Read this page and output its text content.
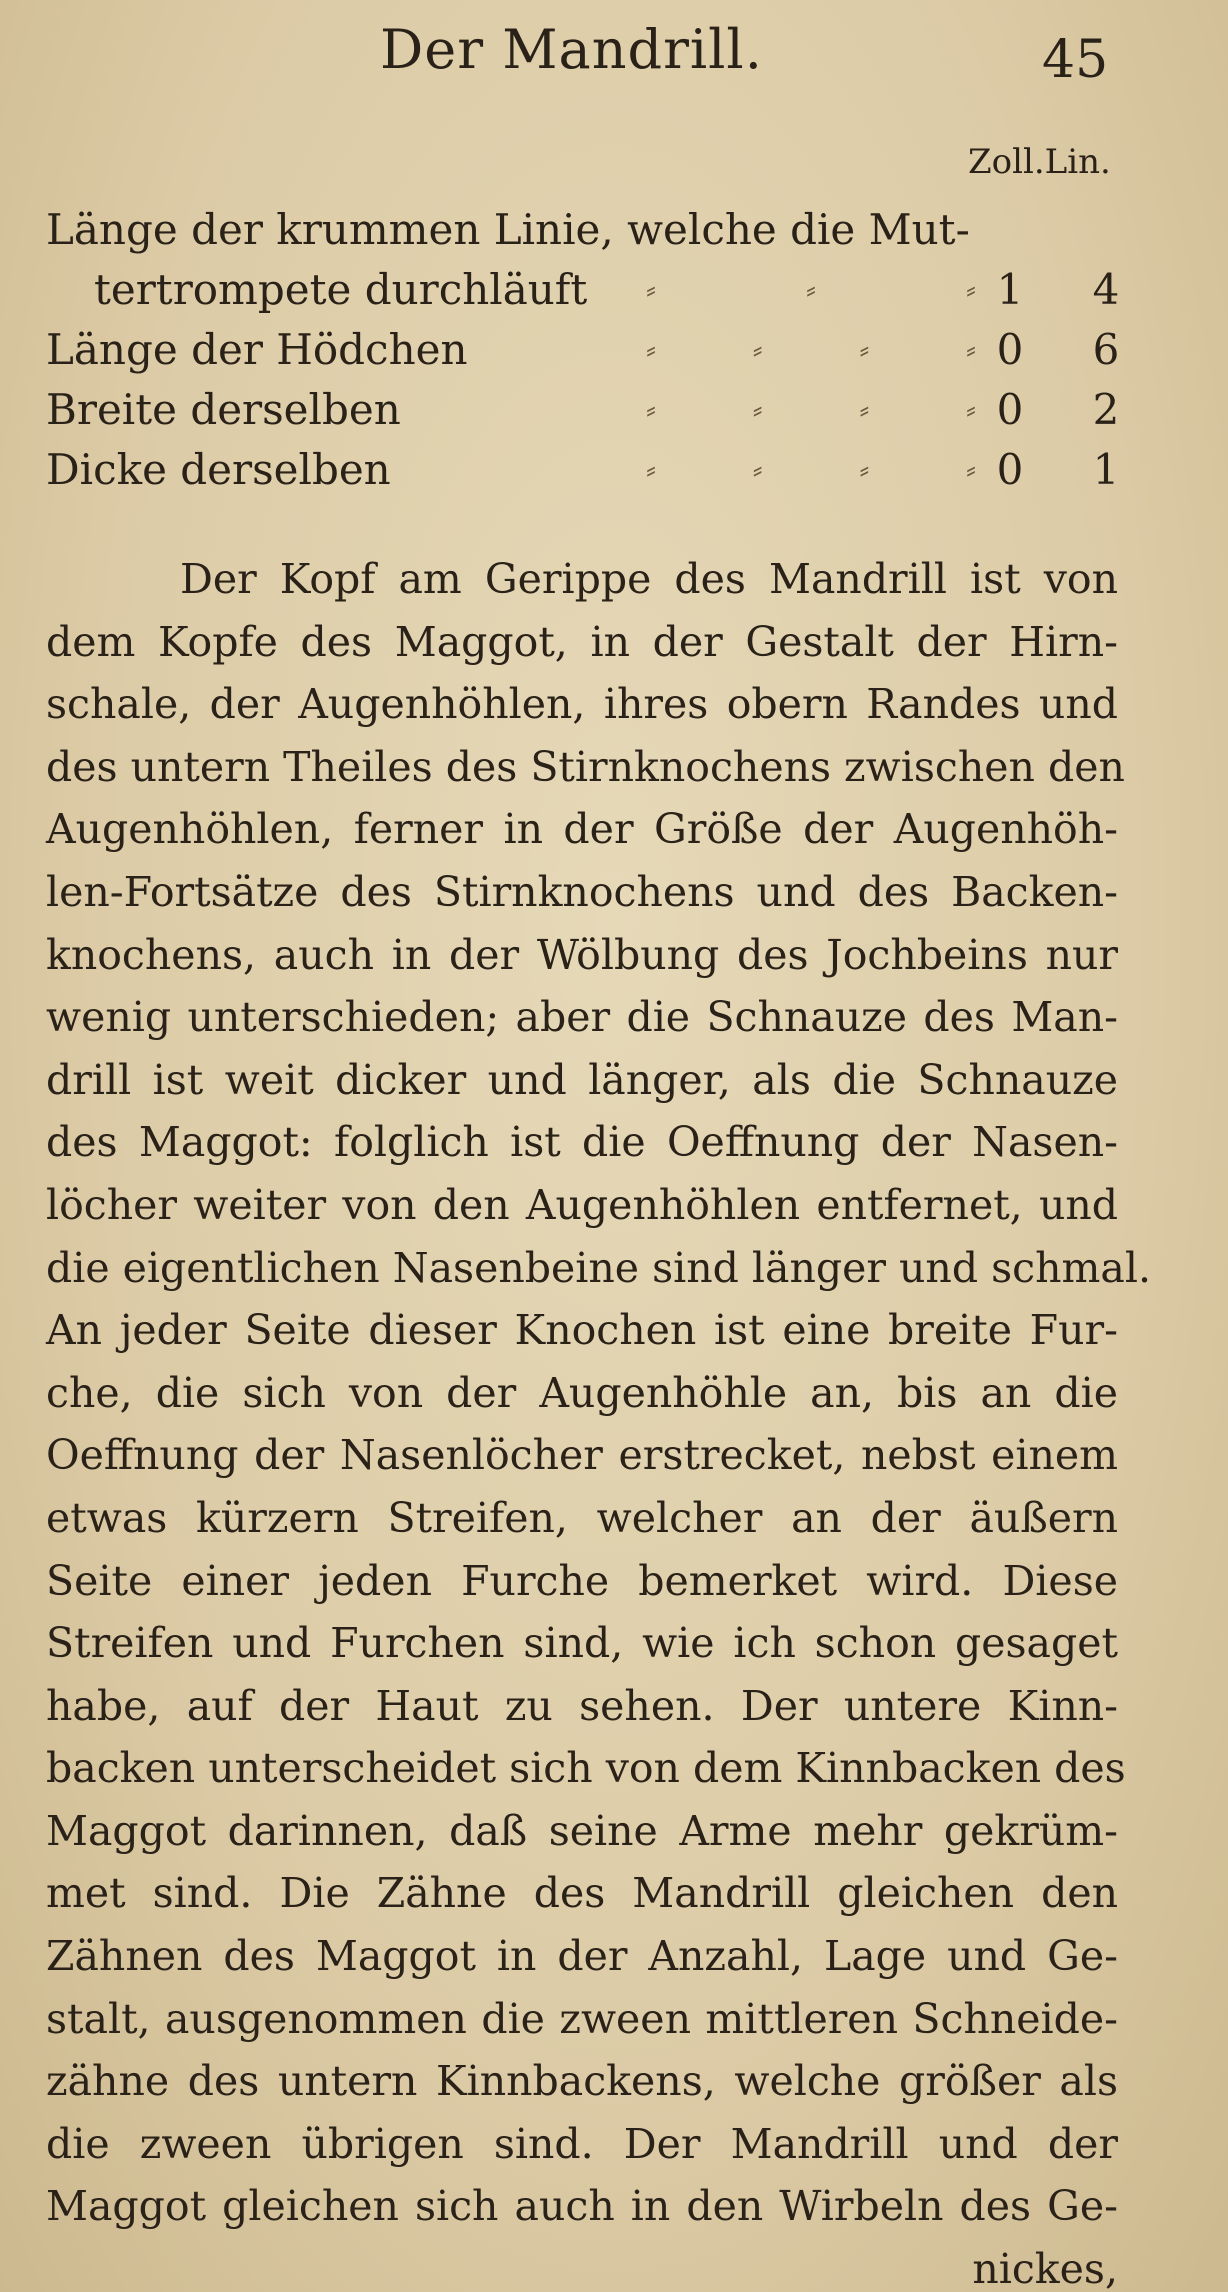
Der Mandrill.	45
Zoll.Lin.
Länge der krummen Linie, welche die Mut-
tertrompete durchläuft ⸗	⸗	⸗ 1 4
Länge der Hödchen	⸗	⸗	⸗	⸗ 0 6
Breite derselben	⸗	⸗	⸗	⸗ 0 2
Dicke derselben	⸗	⸗	⸗	⸗ 0 1
Der Kopf am Gerippe des Mandrill ist von
dem Kopfe des Maggot, in der Gestalt der Hirn-
schale, der Augenhöhlen, ihres obern Randes und
des untern Theiles des Stirnknochens zwischen den
Augenhöhlen, ferner in der Größe der Augenhöh-
len-Fortsätze des Stirnknochens und des Backen-
knochens, auch in der Wölbung des Jochbeins nur
wenig unterschieden; aber die Schnauze des Man-
drill ist weit dicker und länger, als die Schnauze
des Maggot: folglich ist die Oeffnung der Nasen-
löcher weiter von den Augenhöhlen entfernet, und
die eigentlichen Nasenbeine sind länger und schmal.
An jeder Seite dieser Knochen ist eine breite Fur-
che, die sich von der Augenhöhle an, bis an die
Oeffnung der Nasenlöcher erstrecket, nebst einem
etwas kürzern Streifen, welcher an der äußern
Seite einer jeden Furche bemerket wird. Diese
Streifen und Furchen sind, wie ich schon gesaget
habe, auf der Haut zu sehen. Der untere Kinn-
backen unterscheidet sich von dem Kinnbacken des
Maggot darinnen, daß seine Arme mehr gekrüm-
met sind. Die Zähne des Mandrill gleichen den
Zähnen des Maggot in der Anzahl, Lage und Ge-
stalt, ausgenommen die zween mittleren Schneide-
zähne des untern Kinnbackens, welche größer als
die zween übrigen sind. Der Mandrill und der
Maggot gleichen sich auch in den Wirbeln des Ge-
nickes,
